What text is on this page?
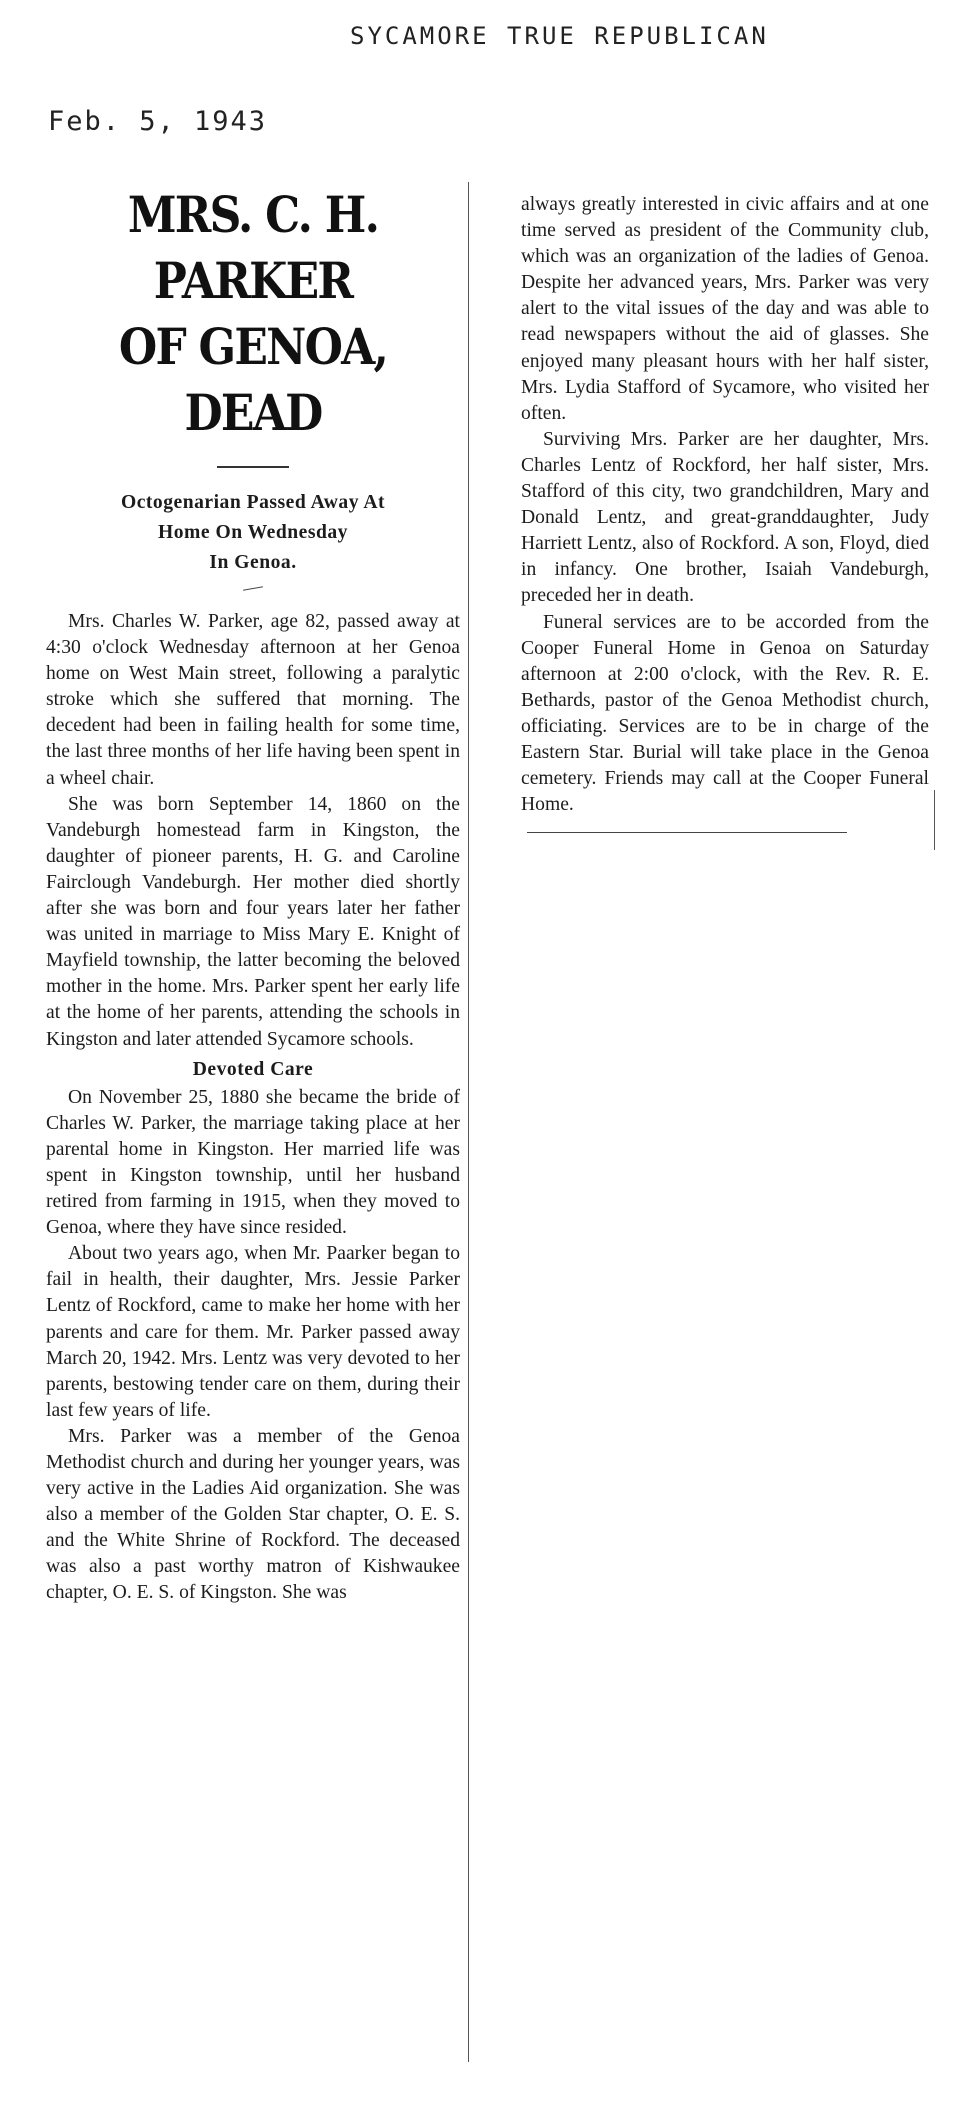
SYCAMORE TRUE REPUBLICAN
Feb. 5, 1943
MRS. C. H. PARKER
OF GENOA, DEAD
Octogenarian Passed Away At
Home On Wednesday
In Genoa.

Mrs. Charles W. Parker, age 82, passed away at 4:30 o'clock Wednesday afternoon at her Genoa home on West Main street, following a paralytic stroke which she suffered that morning. The decedent had been in failing health for some time, the last three months of her life having been spent in a wheel chair.

She was born September 14, 1860 on the Vandeburgh homestead farm in Kingston, the daughter of pioneer parents, H. G. and Caroline Fairclough Vandeburgh. Her mother died shortly after she was born and four years later her father was united in marriage to Miss Mary E. Knight of Mayfield township, the latter becoming the beloved mother in the home. Mrs. Parker spent her early life at the home of her parents, attending the schools in Kingston and later attended Sycamore schools.

Devoted Care

On November 25, 1880 she became the bride of Charles W. Parker, the marriage taking place at her parental home in Kingston. Her married life was spent in Kingston township, until her husband retired from farming in 1915, when they moved to Genoa, where they have since resided.

About two years ago, when Mr. Paarker began to fail in health, their daughter, Mrs. Jessie Parker Lentz of Rockford, came to make her home with her parents and care for them. Mr. Parker passed away March 20, 1942. Mrs. Lentz was very devoted to her parents, bestowing tender care on them, during their last few years of life.

Mrs. Parker was a member of the Genoa Methodist church and during her younger years, was very active in the Ladies Aid organization. She was also a member of the Golden Star chapter, O. E. S. and the White Shrine of Rockford. The deceased was also a past worthy matron of Kishwaukee chapter, O. E. S. of Kingston. She was

always greatly interested in civic affairs and at one time served as president of the Community club, which was an organization of the ladies of Genoa. Despite her advanced years, Mrs. Parker was very alert to the vital issues of the day and was able to read newspapers without the aid of glasses. She enjoyed many pleasant hours with her half sister, Mrs. Lydia Stafford of Sycamore, who visited her often.

Surviving Mrs. Parker are her daughter, Mrs. Charles Lentz of Rockford, her half sister, Mrs. Stafford of this city, two grandchildren, Mary and Donald Lentz, and great-granddaughter, Judy Harriett Lentz, also of Rockford. A son, Floyd, died in infancy. One brother, Isaiah Vandeburgh, preceded her in death.

Funeral services are to be accorded from the Cooper Funeral Home in Genoa on Saturday afternoon at 2:00 o'clock, with the Rev. R. E. Bethards, pastor of the Genoa Methodist church, officiating. Services are to be in charge of the Eastern Star. Burial will take place in the Genoa cemetery. Friends may call at the Cooper Funeral Home.
